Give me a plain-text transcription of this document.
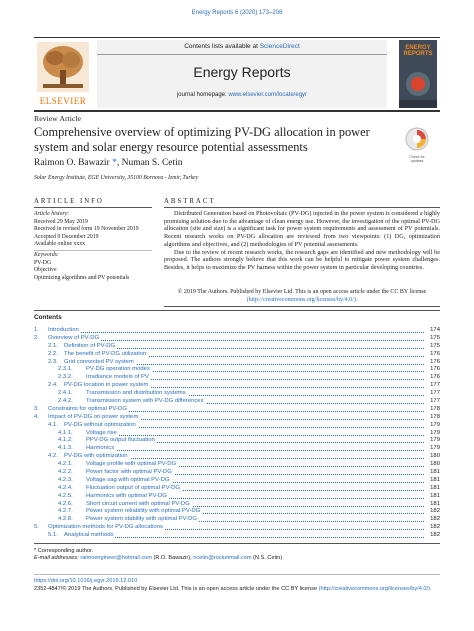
Energy Reports 6 (2020) 173–208
ELSEVIER
Contents lists available at ScienceDirect
Energy Reports
journal homepage: www.elsevier.com/locate/egyr
ENERGY REPORTS
Review Article
Comprehensive overview of optimizing PV-DG allocation in power system and solar energy resource potential assessments
Raimon O. Bawazir *, Numan S. Cetin
Solar Energy Institute, EGE University, 35100 Bornova - Izmir, Turkey
Check for updates
ARTICLE INFO	ABSTRACT
Article history:
Received 29 May 2019
Received in revised form 19 November 2019
Accepted 9 December 2019
Available online xxxx
Keywords:
PV-DG
Objective
Optimizing algorithms and PV potentials

Distributed Generation based on Photovoltaic (PV-DG) injected in the power system is considered a highly promising solution due to the advantage of clean energy use. However, the investigation of the optimal PV-DG allocation (site and size) is a significant task for power system requirements and assessment of PV potentials. Recent research works on PV-DG allocation are reviewed from two viewpoints: (1) DG, optimization algorithms and objectives, and (2) methodologies of PV potential assessments.

Due to the review of recent research works, the research gaps are identified and new methodology will be proposed. The authors strongly believe that this work can be helpful to mitigate power system challenges. Besides, it helps to maximize the PV harness within the power system in particular developing countries.

© 2019 The Authors. Published by Elsevier Ltd. This is an open access article under the CC BY license (http://creativecommons.org/licenses/by/4.0/).
Contents
1. Introduction	174
2. Overview of PV-DG	175
2.1. Definition of PV-DG	175
2.2. The benefit of PV-DG utilization	176
2.3. Grid connected PV system	176
2.3.1. PV-DG operation modes	176
2.3.2. Irradiance models of PV	176
2.4. PV-DG location in power system	177
2.4.1. Transmission and distribution systems	177
2.4.2. Transmission system with PV-DG differences	177
3. Constraints for optimal PV-DG	178
4. Impact of PV-DG on power system	178
4.1. PV-DG without optimization	179
4.1.1. Voltage rise	179
4.1.2. PPV-DG output fluctuation	179
4.1.3. Harmonics	179
4.2. PV-DG with optimization	180
4.2.1. Voltage profile with optimal PV-DG	180
4.2.2. Power factor with optimal PV-DG	181
4.2.3. Voltage sag with optimal PV-DG	181
4.2.4. Fluctuation output of optimal PV-DG	181
4.2.5. Harmonics with optimal PV-DG	181
4.2.6. Short circuit current with optimal PV-DG	181
4.2.7. Power system reliability with optimal PV-DG	182
4.2.8. Power system stability with optimal PV-DG	182
5. Optimization methods for PV-DG allocations	182
5.1. Analytical methods	182
* Corresponding author.
E-mail addresses: raimoengineer@hotmail.com (R.O. Bawazir), ncetin@rocketmail.com (N.S. Cetin).
https://doi.org/10.1016/j.egyr.2019.12.010
2352-4847/© 2019 The Authors. Published by Elsevier Ltd. This is an open access article under the CC BY license (http://creativecommons.org/licenses/by/4.0/).
